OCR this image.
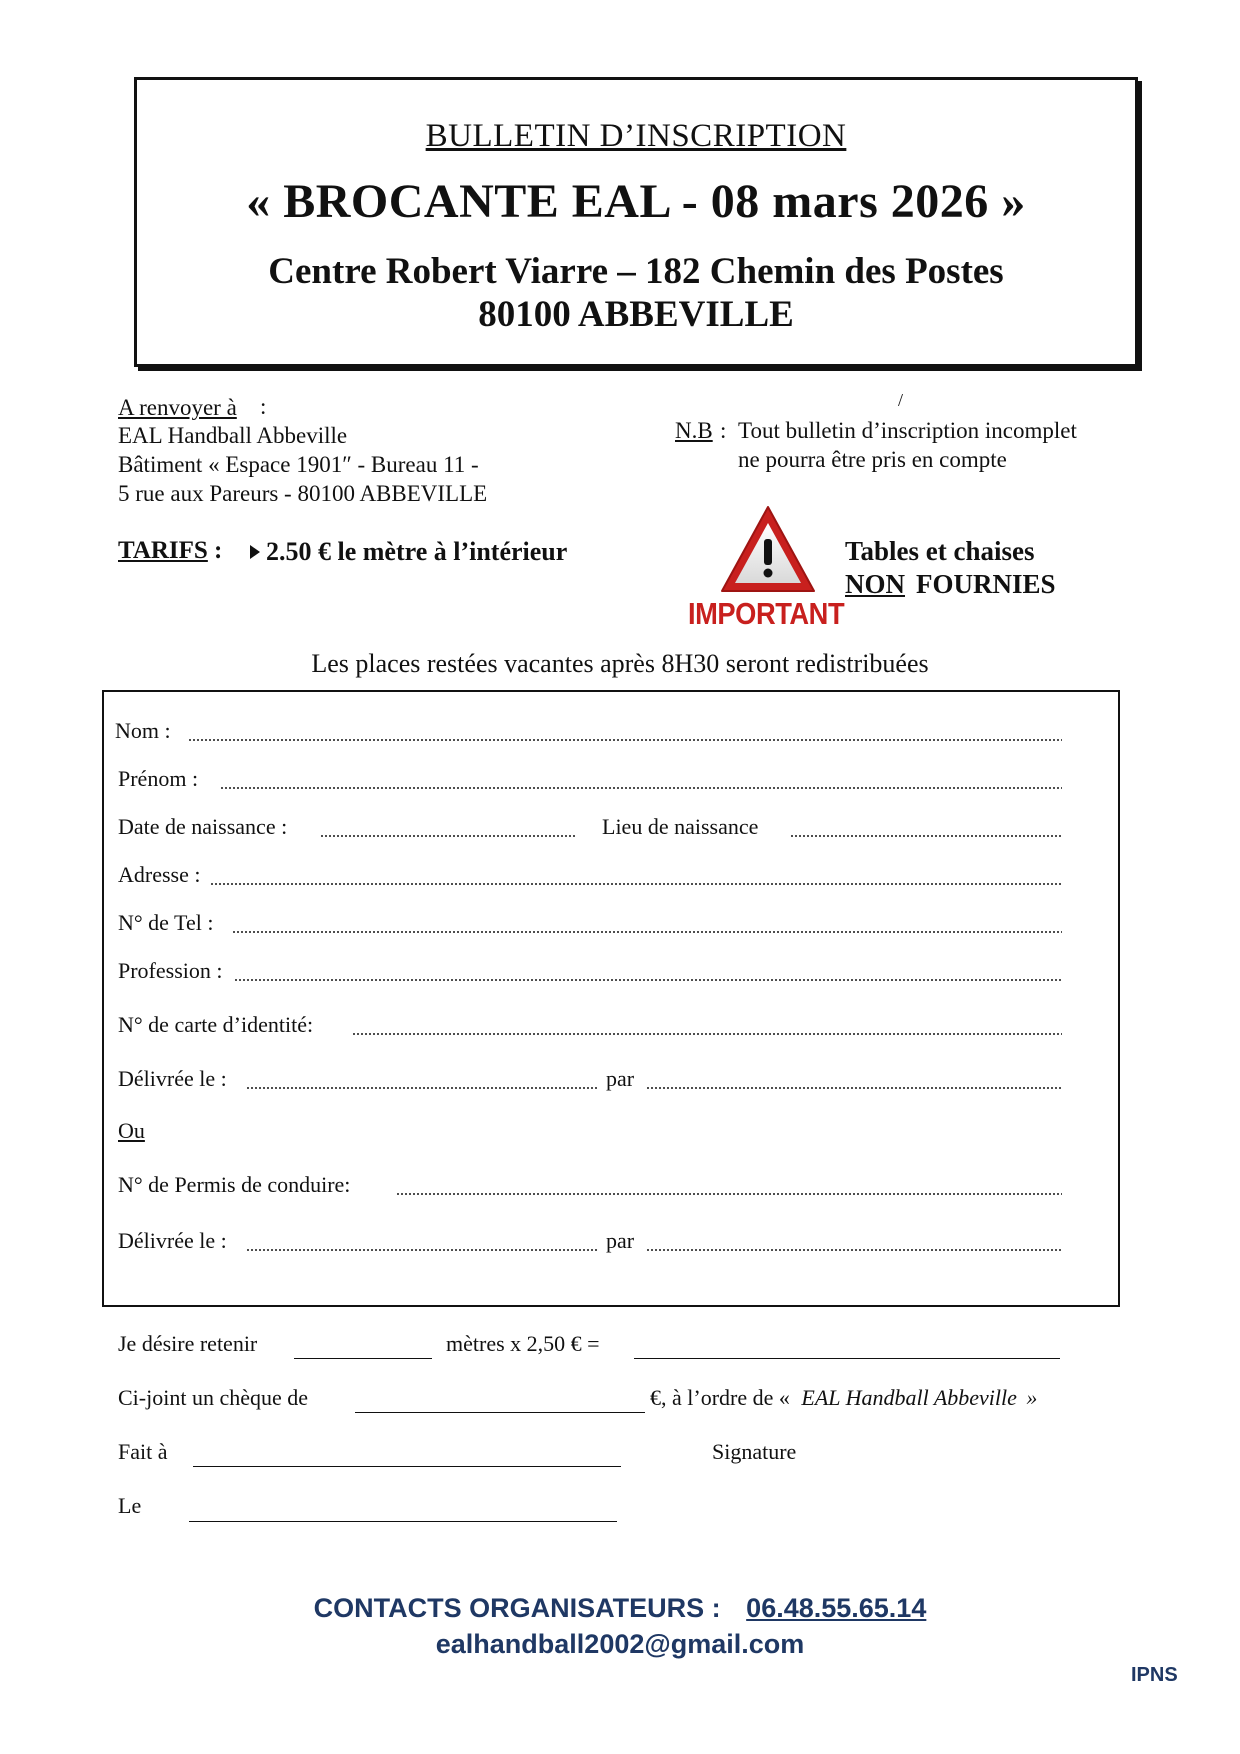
BULLETIN D’INSCRIPTION
« BROCANTE EAL - 08 mars 2026 »
Centre Robert Viarre – 182 Chemin des Postes
80100 ABBEVILLE
A renvoyer à :
EAL Handball Abbeville
Bâtiment « Espace 1901″ - Bureau 11 -
5 rue aux Pareurs - 80100 ABBEVILLE
/
N.B : Tout bulletin d’inscription incomplet
ne pourra être pris en compte
TARIFS : 2.50 € le mètre à l’intérieur
IMPORTANT
Tables et chaises
NON FOURNIES
Les places restées vacantes après 8H30 seront redistribuées
Nom :
Prénom :
Date de naissance :	Lieu de naissance
Adresse :
N° de Tel :
Profession :
N° de carte d’identité:
Délivrée le :	par
Ou
N° de Permis de conduire:
Délivrée le :	par
Je désire retenir	mètres x 2,50 € =
Ci-joint un chèque de	€, à l’ordre de « EAL Handball Abbeville »
Fait à	Signature
Le
CONTACTS ORGANISATEURS : 06.48.55.65.14
ealhandball2002@gmail.com
IPNS
